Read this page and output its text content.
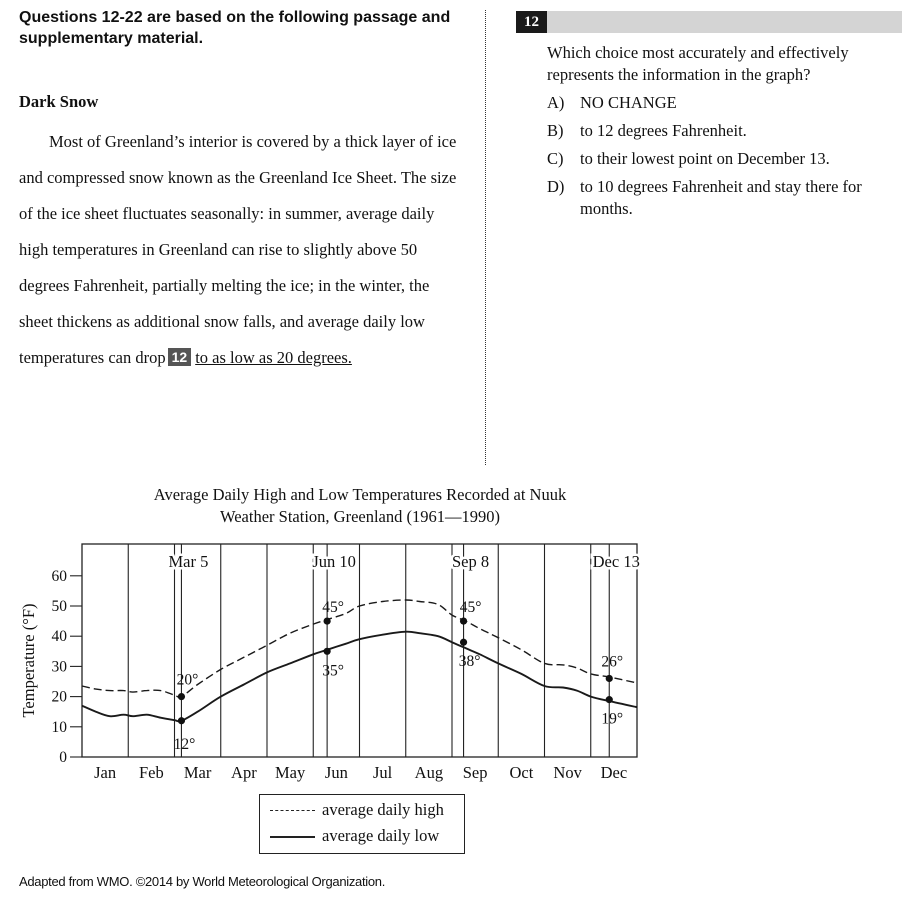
Questions 12-22 are based on the following passage and supplementary material.
Dark Snow

Most of Greenland’s interior is covered by a thick layer of ice and compressed snow known as the Greenland Ice Sheet. The size of the ice sheet fluctuates seasonally: in summer, average daily high temperatures in Greenland can rise to slightly above 50 degrees Fahrenheit, partially melting the ice; in the winter, the sheet thickens as additional snow falls, and average daily low temperatures can drop 12 to as low as 20 degrees.

12
Which choice most accurately and effectively represents the information in the graph?
A) NO CHANGE
B) to 12 degrees Fahrenheit.
C) to their lowest point on December 13.
D) to 10 degrees Fahrenheit and stay there for months.
Average Daily High and Low Temperatures Recorded at Nuuk Weather Station, Greenland (1961—1990)
Mar 5	Jun 10	Sep 8	Dec 13
0
10
20
30
40
50
60
Temperature (°F)
Jan Feb Mar Apr May Jun Jul Aug Sep Oct Nov Dec
20°
12°
45°
35°
45°
38°	26°
19°
average daily high
average daily low
Adapted from WMO. ©2014 by World Meteorological Organization.
